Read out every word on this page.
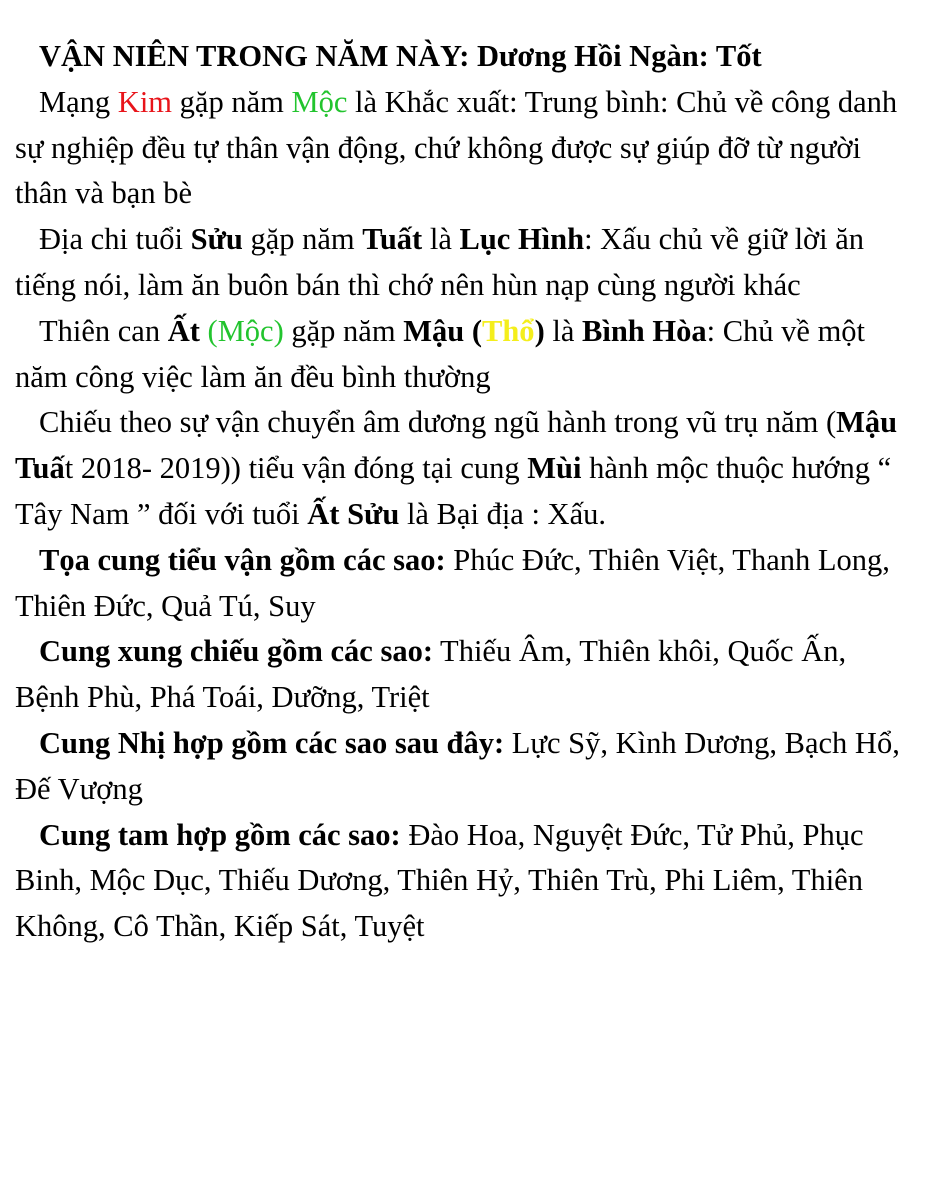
VẬN NIÊN TRONG NĂM NÀY: Dương Hồi Ngàn: Tốt

Mạng Kim gặp năm Mộc là Khắc xuất: Trung bình: Chủ về công danh sự nghiệp đều tự thân vận động, chứ không được sự giúp đỡ từ người thân và bạn bè

Địa chi tuổi Sửu gặp năm Tuất là Lục Hình: Xấu chủ về giữ lời ăn tiếng nói, làm ăn buôn bán thì chớ nên hùn nạp cùng người khác

Thiên can Ất (Mộc) gặp năm Mậu (Thổ) là Bình Hòa: Chủ về một năm công việc làm ăn đều bình thường

Chiếu theo sự vận chuyển âm dương ngũ hành trong vũ trụ năm (Mậu Tuất 2018- 2019)) tiểu vận đóng tại cung Mùi hành mộc thuộc hướng “ Tây Nam ” đối với tuổi Ất Sửu là Bại địa : Xấu.

Tọa cung tiểu vận gồm các sao: Phúc Đức, Thiên Việt, Thanh Long, Thiên Đức, Quả Tú, Suy

Cung xung chiếu gồm các sao: Thiếu Âm, Thiên khôi, Quốc Ấn, Bệnh Phù, Phá Toái, Dưỡng, Triệt

Cung Nhị hợp gồm các sao sau đây: Lực Sỹ, Kình Dương, Bạch Hổ, Đế Vượng

Cung tam hợp gồm các sao: Đào Hoa, Nguyệt Đức, Tử Phủ, Phục Binh, Mộc Dục, Thiếu Dương, Thiên Hỷ, Thiên Trù, Phi Liêm, Thiên Không, Cô Thần, Kiếp Sát, Tuyệt
